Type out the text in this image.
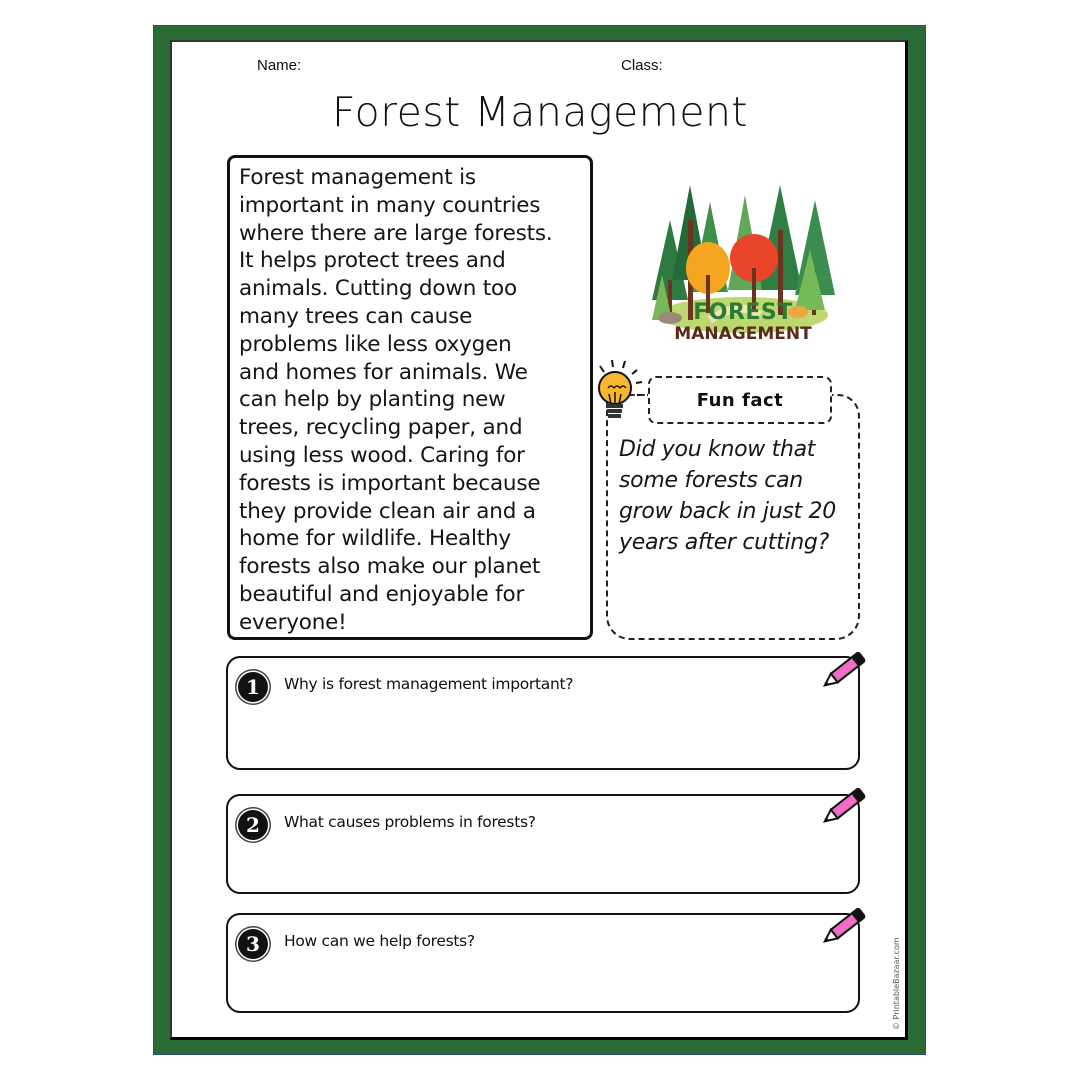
Name:	Class:
Forest Management
Forest management is
important in many countries
where there are large forests.
It helps protect trees and
animals. Cutting down too
many trees can cause
problems like less oxygen
and homes for animals. We
can help by planting new
trees, recycling paper, and
using less wood. Caring for
forests is important because
they provide clean air and a
home for wildlife. Healthy
forests also make our planet
beautiful and enjoyable for
everyone!
FOREST
MANAGEMENT
Fun fact
Did you know that
some forests can
grow back in just 20
years after cutting?
1	Why is forest management important?
2	What causes problems in forests?
3	How can we help forests?	© PrintableBazaar.com
